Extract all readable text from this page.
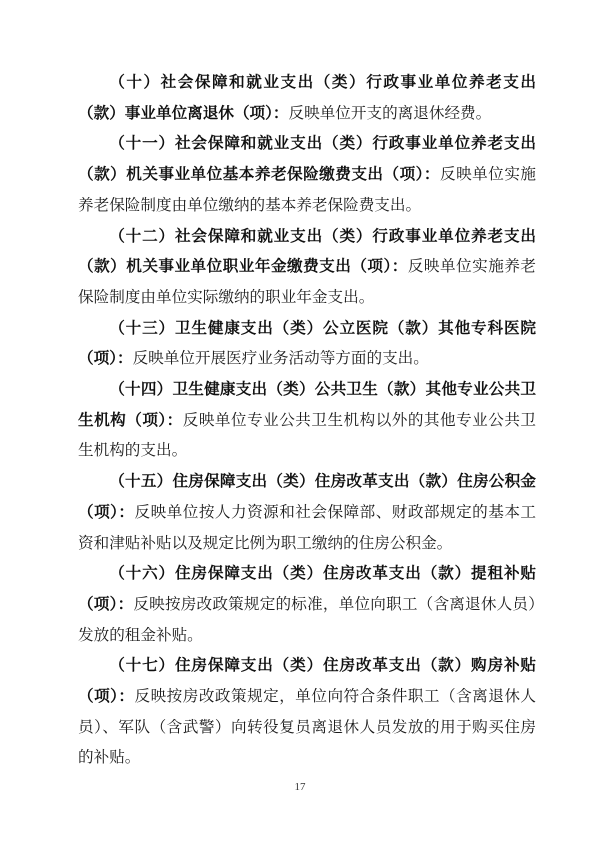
（十）社会保障和就业支出（类）行政事业单位养老支出（款）事业单位离退休（项）：反映单位开支的离退休经费。

（十一）社会保障和就业支出（类）行政事业单位养老支出（款）机关事业单位基本养老保险缴费支出（项）：反映单位实施养老保险制度由单位缴纳的基本养老保险费支出。

（十二）社会保障和就业支出（类）行政事业单位养老支出（款）机关事业单位职业年金缴费支出（项）：反映单位实施养老保险制度由单位实际缴纳的职业年金支出。

（十三）卫生健康支出（类）公立医院（款）其他专科医院（项）：反映单位开展医疗业务活动等方面的支出。

（十四）卫生健康支出（类）公共卫生（款）其他专业公共卫生机构（项）：反映单位专业公共卫生机构以外的其他专业公共卫生机构的支出。

（十五）住房保障支出（类）住房改革支出（款）住房公积金（项）：反映单位按人力资源和社会保障部、财政部规定的基本工资和津贴补贴以及规定比例为职工缴纳的住房公积金。

（十六）住房保障支出（类）住房改革支出（款）提租补贴（项）：反映按房改政策规定的标准，单位向职工（含离退休人员）发放的租金补贴。

（十七）住房保障支出（类）住房改革支出（款）购房补贴（项）：反映按房改政策规定，单位向符合条件职工（含离退休人员）、军队（含武警）向转役复员离退休人员发放的用于购买住房的补贴。

17
